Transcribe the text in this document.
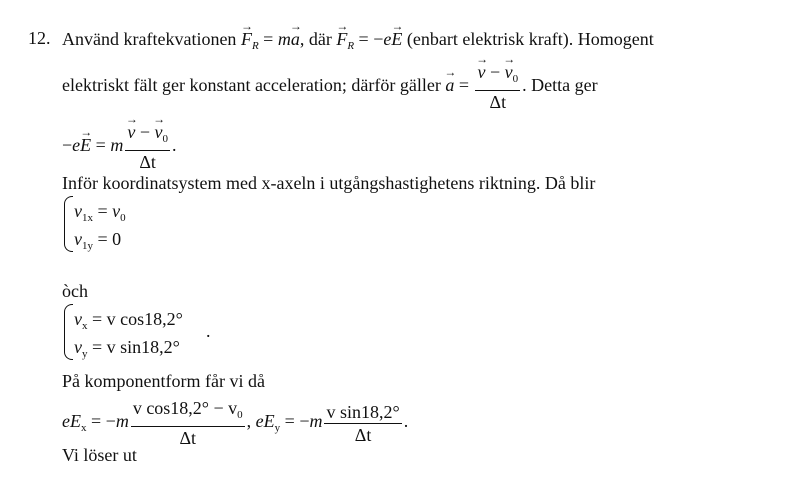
12. Använd kraftekvationen → $F_R = m\to a$, där → $F_R = -e\to E$ (enbart elektrisk kraft). Homogent
elektriskt fält ger konstant acceleration; därför gäller → a =
→ $\frac{v - \to v_0}{\Delta t}$ . Detta ger
−e→ E = m
→ $\frac{v - \to v_0}{\Delta t}$ .
Inför koordinatsystem med x-axeln i utgångshastighetens riktning. Då blir
$v_{1x} = v_0$
$v_{1y} = 0$
òch
$v_x = v$ cos18,2°
$v_y = v$ sin18,2°
.
På komponentform får vi då
$eE_x = -m \frac{v \cos 18,2^\circ - v_0}{\Delta t}$ , $eE_y = -m \frac{\text{v sin18,2°}}{\Delta t}$ .
Vi löser ut
